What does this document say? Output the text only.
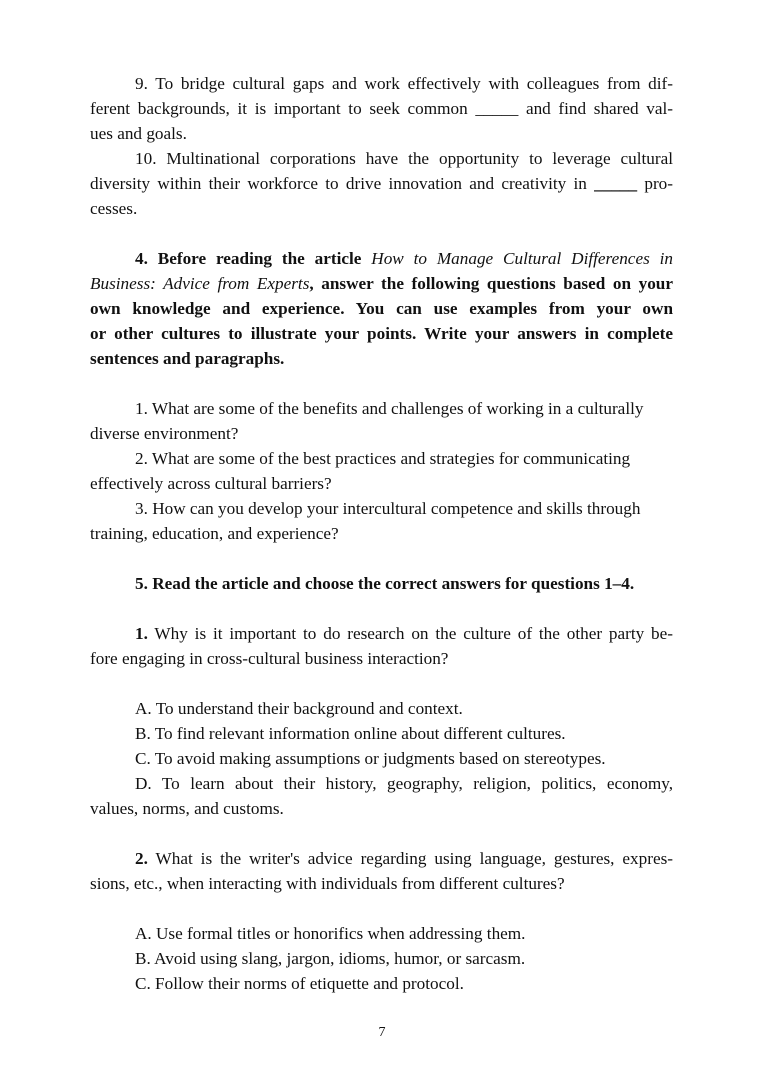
9. To bridge cultural gaps and work effectively with colleagues from dif-
ferent backgrounds, it is important to seek common _____ and find shared val-
ues and goals.
10. Multinational corporations have the opportunity to leverage cultural
diversity within their workforce to drive innovation and creativity in _____ pro-
cesses.
4. Before reading the article How to Manage Cultural Differences in
Business: Advice from Experts, answer the following questions based on your
own knowledge and experience. You can use examples from your own
or other cultures to illustrate your points. Write your answers in complete
sentences and paragraphs.
1. What are some of the benefits and challenges of working in a culturally
diverse environment?
2. What are some of the best practices and strategies for communicating
effectively across cultural barriers?
3. How can you develop your intercultural competence and skills through
training, education, and experience?
5. Read the article and choose the correct answers for questions 1–4.
1. Why is it important to do research on the culture of the other party be-
fore engaging in cross-cultural business interaction?
A. To understand their background and context.
B. To find relevant information online about different cultures.
C. To avoid making assumptions or judgments based on stereotypes.
D. To learn about their history, geography, religion, politics, economy,
values, norms, and customs.
2. What is the writer's advice regarding using language, gestures, expres-
sions, etc., when interacting with individuals from different cultures?
A. Use formal titles or honorifics when addressing them.
B. Avoid using slang, jargon, idioms, humor, or sarcasm.
C. Follow their norms of etiquette and protocol.
7
